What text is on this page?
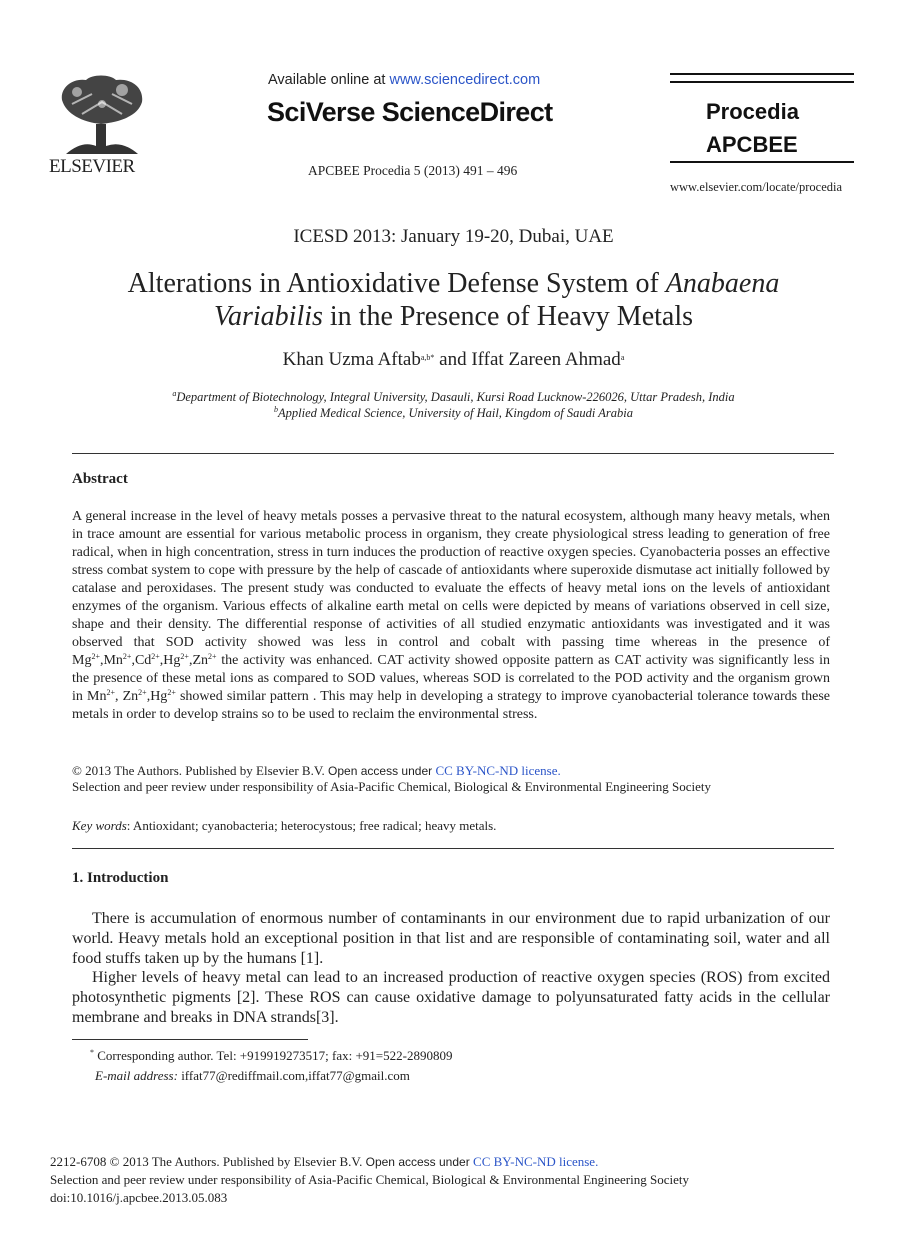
ELSEVIER
Available online at www.sciencedirect.com
SciVerse ScienceDirect
APCBEE Procedia 5 (2013) 491 – 496
Procedia
APCBEE
www.elsevier.com/locate/procedia
ICESD 2013: January 19-20, Dubai, UAE
Alterations in Antioxidative Defense System of Anabaena
Variabilis in the Presence of Heavy Metals
Khan Uzma Aftab$^{a,b*}$ and Iffat Zareen Ahmad$^a$
$^a$Department of Biotechnology, Integral University, Dasauli, Kursi Road Lucknow-226026, Uttar Pradesh, India
$^b$Applied Medical Science, University of Hail, Kingdom of Saudi Arabia
Abstract
A general increase in the level of heavy metals posses a pervasive threat to the natural ecosystem, although many heavy metals, when in trace amount are essential for various metabolic process in organism, they create physiological stress leading to generation of free radical, when in high concentration, stress in turn induces the production of reactive oxygen species. Cyanobacteria posses an effective stress combat system to cope with pressure by the help of cascade of antioxidants where superoxide dismutase act initially followed by catalase and peroxidases. The present study was conducted to evaluate the effects of heavy metal ions on the levels of antioxidant enzymes of the organism. Various effects of alkaline earth metal on cells were depicted by means of variations observed in cell size, shape and their density. The differential response of activities of all studied enzymatic antioxidants was investigated and it was observed that SOD activity showed was less in control and cobalt with passing time whereas in the presence of $Mg^{2+},Mn^{2+},Cd^{2+},Hg^{2+},Zn^{2+}$ the activity was enhanced. CAT activity showed opposite pattern as CAT activity was significantly less in the presence of these metal ions as compared to SOD values, whereas SOD is correlated to the POD activity and the organism grown in $Mn^{2+}$, $Zn^{2+},Hg^{2+}$ showed similar pattern . This may help in developing a strategy to improve cyanobacterial tolerance towards these metals in order to develop strains so to be used to reclaim the environmental stress.
© 2013 The Authors. Published by Elsevier B.V. Open access under CC BY-NC-ND license.
Selection and peer review under responsibility of Asia-Pacific Chemical, Biological & Environmental Engineering Society
Key words: Antioxidant; cyanobacteria; heterocystous; free radical; heavy metals.
1. Introduction
There is accumulation of enormous number of contaminants in our environment due to rapid urbanization of our world. Heavy metals hold an exceptional position in that list and are responsible of contaminating soil, water and all food stuffs taken up by the humans [1].
Higher levels of heavy metal can lead to an increased production of reactive oxygen species (ROS) from excited photosynthetic pigments [2]. These ROS can cause oxidative damage to polyunsaturated fatty acids in the cellular membrane and breaks in DNA strands[3].
* Corresponding author. Tel: +919919273517; fax: +91=522-2890809
E-mail address: iffat77@rediffmail.com,iffat77@gmail.com
2212-6708 © 2013 The Authors. Published by Elsevier B.V. Open access under CC BY-NC-ND license.
Selection and peer review under responsibility of Asia-Pacific Chemical, Biological & Environmental Engineering Society
doi:10.1016/j.apcbee.2013.05.083
